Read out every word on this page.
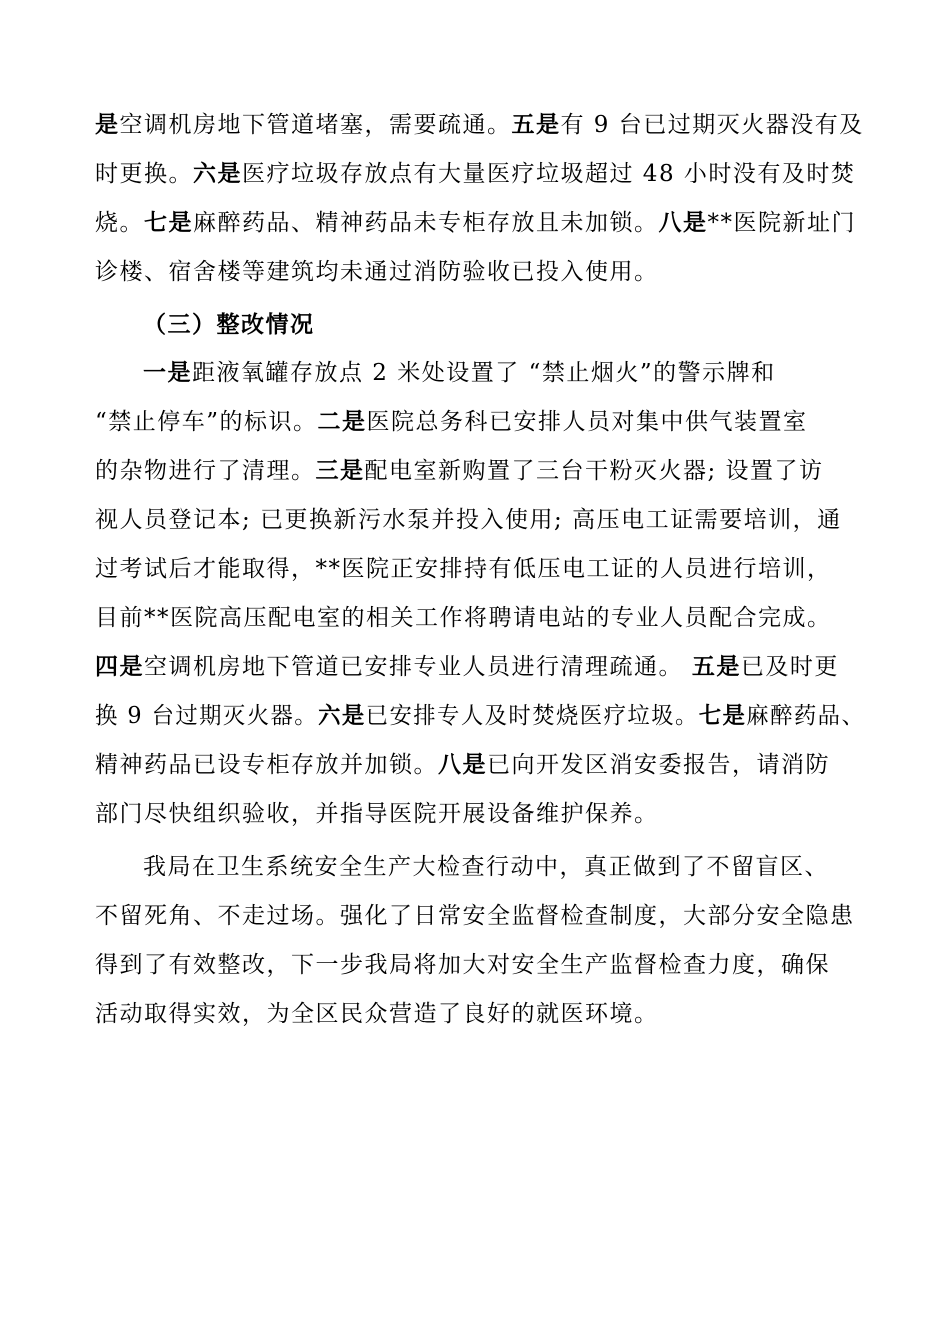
是空调机房地下管道堵塞，需要疏通。五是有 9 台已过期灭火器没有及
时更换。六是医疗垃圾存放点有大量医疗垃圾超过 48 小时没有及时焚
烧。七是麻醉药品、精神药品未专柜存放且未加锁。八是**医院新址门
诊楼、宿舍楼等建筑均未通过消防验收已投入使用。
（三）整改情况
一是距液氧罐存放点 2 米处设置了 “禁止烟火”的警示牌和
“禁止停车”的标识。二是医院总务科已安排人员对集中供气装置室
的杂物进行了清理。三是配电室新购置了三台干粉灭火器; 设置了访
视人员登记本; 已更换新污水泵并投入使用; 高压电工证需要培训，通
过考试后才能取得，**医院正安排持有低压电工证的人员进行培训，
目前**医院高压配电室的相关工作将聘请电站的专业人员配合完成。
四是空调机房地下管道已安排专业人员进行清理疏通。 五是已及时更
换 9 台过期灭火器。六是已安排专人及时焚烧医疗垃圾。七是麻醉药品、
精神药品已设专柜存放并加锁。八是已向开发区消安委报告，请消防
部门尽快组织验收，并指导医院开展设备维护保养。
我局在卫生系统安全生产大检查行动中，真正做到了不留盲区、
不留死角、不走过场。强化了日常安全监督检查制度，大部分安全隐患
得到了有效整改，下一步我局将加大对安全生产监督检查力度，确保
活动取得实效，为全区民众营造了良好的就医环境。
